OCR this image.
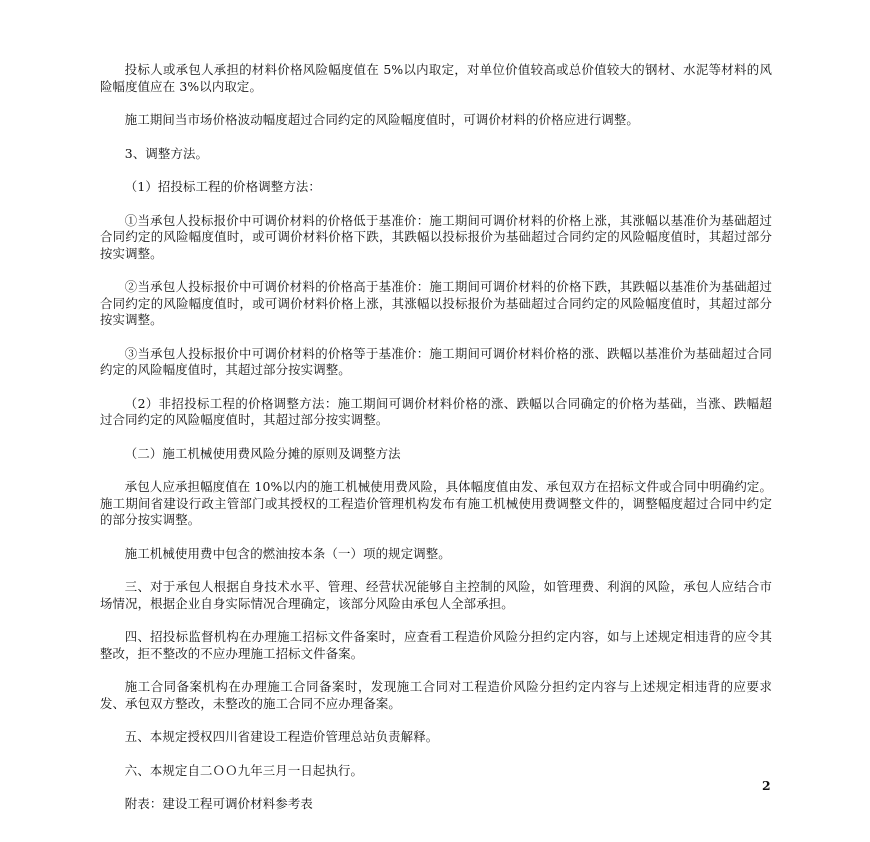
投标人或承包人承担的材料价格风险幅度值在 5%以内取定，对单位价值较高或总价值较大的钢材、水泥等材料的风险幅度值应在 3%以内取定。

施工期间当市场价格波动幅度超过合同约定的风险幅度值时，可调价材料的价格应进行调整。

3、调整方法。

（1）招投标工程的价格调整方法：

①当承包人投标报价中可调价材料的价格低于基准价：施工期间可调价材料的价格上涨，其涨幅以基准价为基础超过合同约定的风险幅度值时，或可调价材料价格下跌，其跌幅以投标报价为基础超过合同约定的风险幅度值时，其超过部分按实调整。

②当承包人投标报价中可调价材料的价格高于基准价：施工期间可调价材料的价格下跌，其跌幅以基准价为基础超过合同约定的风险幅度值时，或可调价材料价格上涨，其涨幅以投标报价为基础超过合同约定的风险幅度值时，其超过部分按实调整。

③当承包人投标报价中可调价材料的价格等于基准价：施工期间可调价材料价格的涨、跌幅以基准价为基础超过合同约定的风险幅度值时，其超过部分按实调整。

（2）非招投标工程的价格调整方法：施工期间可调价材料价格的涨、跌幅以合同确定的价格为基础，当涨、跌幅超过合同约定的风险幅度值时，其超过部分按实调整。

（二）施工机械使用费风险分摊的原则及调整方法

承包人应承担幅度值在 10%以内的施工机械使用费风险，具体幅度值由发、承包双方在招标文件或合同中明确约定。施工期间省建设行政主管部门或其授权的工程造价管理机构发布有施工机械使用费调整文件的，调整幅度超过合同中约定的部分按实调整。

施工机械使用费中包含的燃油按本条（一）项的规定调整。

三、对于承包人根据自身技术水平、管理、经营状况能够自主控制的风险，如管理费、利润的风险，承包人应结合市场情况，根据企业自身实际情况合理确定，该部分风险由承包人全部承担。

四、招投标监督机构在办理施工招标文件备案时，应查看工程造价风险分担约定内容，如与上述规定相违背的应令其整改，拒不整改的不应办理施工招标文件备案。

施工合同备案机构在办理施工合同备案时，发现施工合同对工程造价风险分担约定内容与上述规定相违背的应要求发、承包双方整改，未整改的施工合同不应办理备案。

五、本规定授权四川省建设工程造价管理总站负责解释。

六、本规定自二ＯＯ九年三月一日起执行。

附表：建设工程可调价材料参考表

2
